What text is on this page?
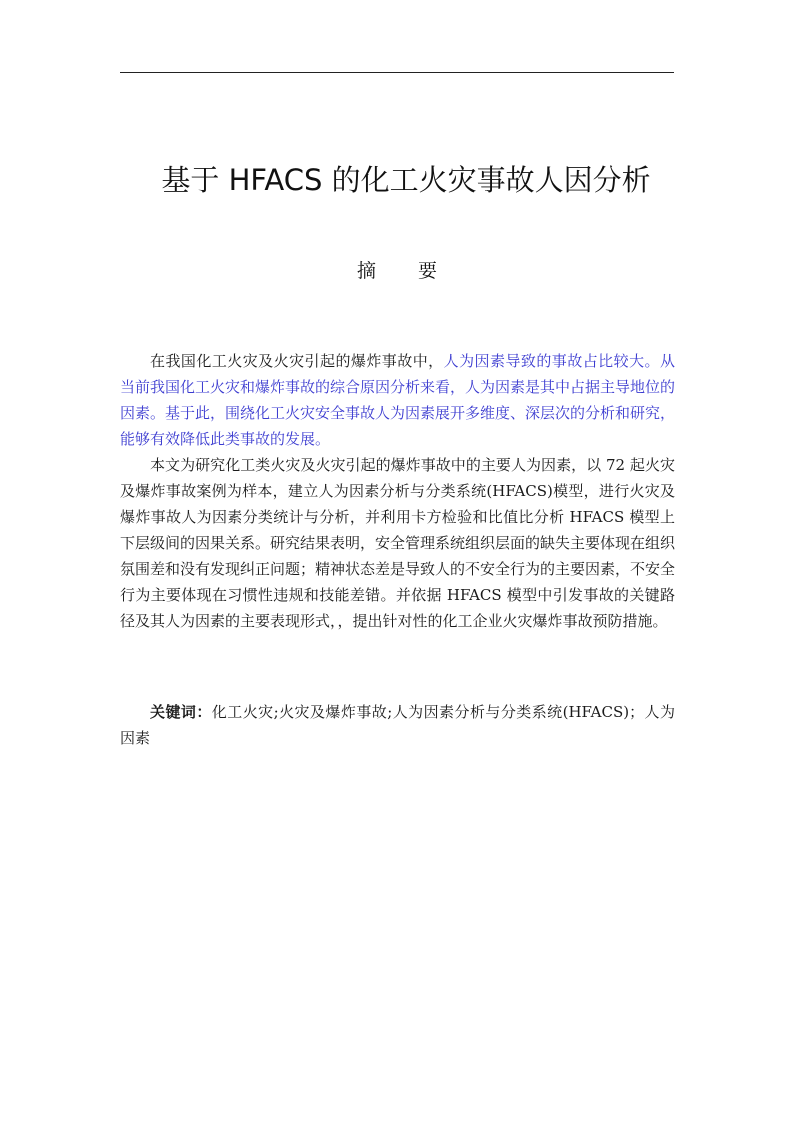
基于 HFACS 的化工火灾事故人因分析
摘 要

在我国化工火灾及火灾引起的爆炸事故中，人为因素导致的事故占比较大。从当前我国化工火灾和爆炸事故的综合原因分析来看，人为因素是其中占据主导地位的因素。基于此，围绕化工火灾安全事故人为因素展开多维度、深层次的分析和研究，能够有效降低此类事故的发展。

本文为研究化工类火灾及火灾引起的爆炸事故中的主要人为因素，以 72 起火灾及爆炸事故案例为样本，建立人为因素分析与分类系统(HFACS)模型，进行火灾及爆炸事故人为因素分类统计与分析，并利用卡方检验和比值比分析 HFACS 模型上下层级间的因果关系。研究结果表明，安全管理系统组织层面的缺失主要体现在组织氛围差和没有发现纠正问题；精神状态差是导致人的不安全行为的主要因素，不安全行为主要体现在习惯性违规和技能差错。并依据 HFACS 模型中引发事故的关键路径及其人为因素的主要表现形式，，提出针对性的化工企业火灾爆炸事故预防措施。

关键词：化工火灾;火灾及爆炸事故;人为因素分析与分类系统(HFACS)；人为因素
